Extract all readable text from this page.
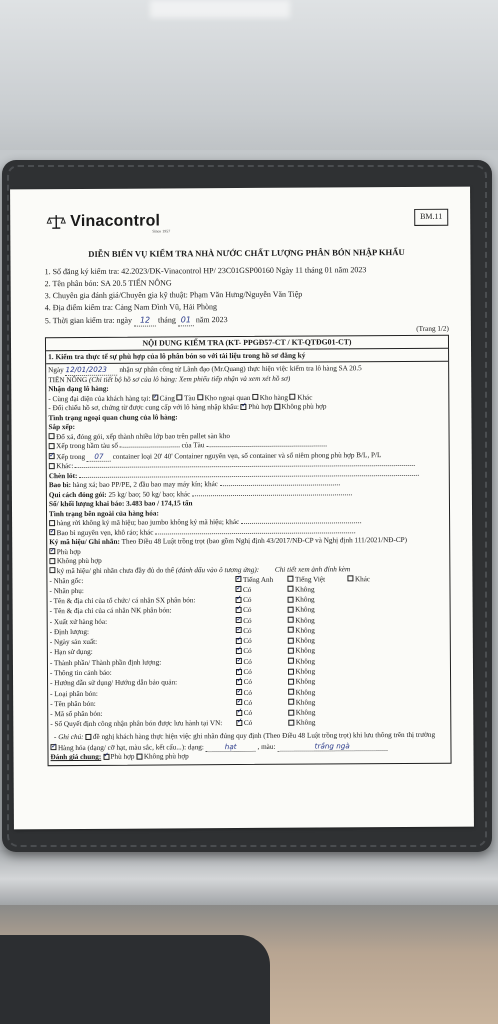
Vinacontrol
Since 1957
BM.11
DIỄN BIẾN VỤ KIỂM TRA NHÀ NƯỚC CHẤT LƯỢNG PHÂN BÓN NHẬP KHẨU

1. Số đăng ký kiểm tra: 42.2023/DK-Vinacontrol HP/ 23C01GSP00160 Ngày 11 tháng 01 năm 2023

2. Tên phân bón: SA 20.5 TIẾN NÔNG

3. Chuyên gia đánh giá/Chuyên gia kỹ thuật: Phạm Văn Hưng/Nguyễn Văn Tiệp

4. Địa điểm kiểm tra: Cảng Nam Đình Vũ, Hải Phòng

5. Thời gian kiểm tra: ngày 12 tháng 01 năm 2023

(Trang 1/2)
NỘI DUNG KIỂM TRA (KT- PPGĐ57-CT / KT-QTĐG01-CT)
1. Kiểm tra thực tế sự phù hợp của lô phân bón so với tài liệu trong hồ sơ đăng ký
Ngày 12/01/2023 nhận sự phân công từ Lãnh đạo (Mr.Quang) thực hiện việc kiểm tra lô hàng SA 20.5
TIẾN NÔNG (Chi tiết bộ hồ sơ của lô hàng: Xem phiếu tiếp nhận và xem xét hồ sơ)
Nhận dạng lô hàng:
- Cùng đại diện của khách hàng tại: ✓ Cảng Tàu Kho ngoại quan Kho hàng Khác
- Đối chiếu hồ sơ, chứng từ được cung cấp với lô hàng nhập khẩu: ✓ Phù hợp Không phù hợp
Tình trạng ngoại quan chung của lô hàng:
Sắp xếp:
Đổ xá, đóng gói, xếp thành nhiều lớp bao trên pallet sàn kho
Xếp trong hầm tàu số	của Tàu
✓Xếp trong 07 container loại 20' 40' Container nguyên vẹn, số container và số niêm phong phù hợp B/L, P/L
Khác:
Chèn lót:
Bao bì: hàng xá; bao PP/PE, 2 đầu bao may máy kín; khác
Qui cách đóng gói: 25 kg/ bao; 50 kg/ bao; khác
Số/ khối lượng khai báo: 3.483 bao / 174,15 tấn
Tình trạng bên ngoài của hàng hóa:
hàng rời không ký mã hiệu; bao jumbo không ký mã hiệu; khác
✓Bao bì nguyên vẹn, khô ráo; khác
Ký mã hiệu/ Ghi nhãn: Theo Điều 48 Luật trồng trọt (bao gồm Nghị định 43/2017/NĐ-CP và Nghị định 111/2021/NĐ-CP)
✓Phù hợp
Không phù hợp
ký mã hiệu/ ghi nhãn chưa đầy đủ do thể (đánh dấu vào ô tương ứng): Chi tiết xem ảnh đính kèm
- Nhãn gốc:	✓Tiếng Anh	Tiếng Việt	Khác
- Nhãn phụ:	✓Có	Không	
- Tên & địa chỉ của tổ chức/ cá nhân SX phân bón:	✓Có	Không	
- Tên & địa chỉ của cá nhân NK phân bón:	✓Có	Không	
- Xuất xứ hàng hóa:	✓Có	Không	
- Định lượng:	✓Có	Không	
- Ngày sản xuất:	✓Có	Không	
- Hạn sử dụng:	✓Có	Không	
- Thành phần/ Thành phần định lượng:	✓Có	Không	
- Thông tin cảnh báo:	✓Có	Không	
- Hướng dẫn sử dụng/ Hướng dẫn bảo quản:	✓Có	Không	
- Loại phân bón:	✓Có	Không	
- Tên phân bón:	✓Có	Không	
- Mã số phân bón:	✓Có	Không	
- Số Quyết định công nhận phân bón được lưu hành tại VN:	✓Có	Không	
- Ghi chú: đề nghị khách hàng thực hiện việc ghi nhãn đúng quy định (Theo Điều 48 Luật trồng trọt) khi lưu thông trên thị trường
✓Hàng hóa (dạng/ cỡ hạt, màu sắc, kết cấu...): dạng:	hạt	, màu:	trắng ngà
Đánh giá chung: ✓ Phù hợp Không phù hợp
